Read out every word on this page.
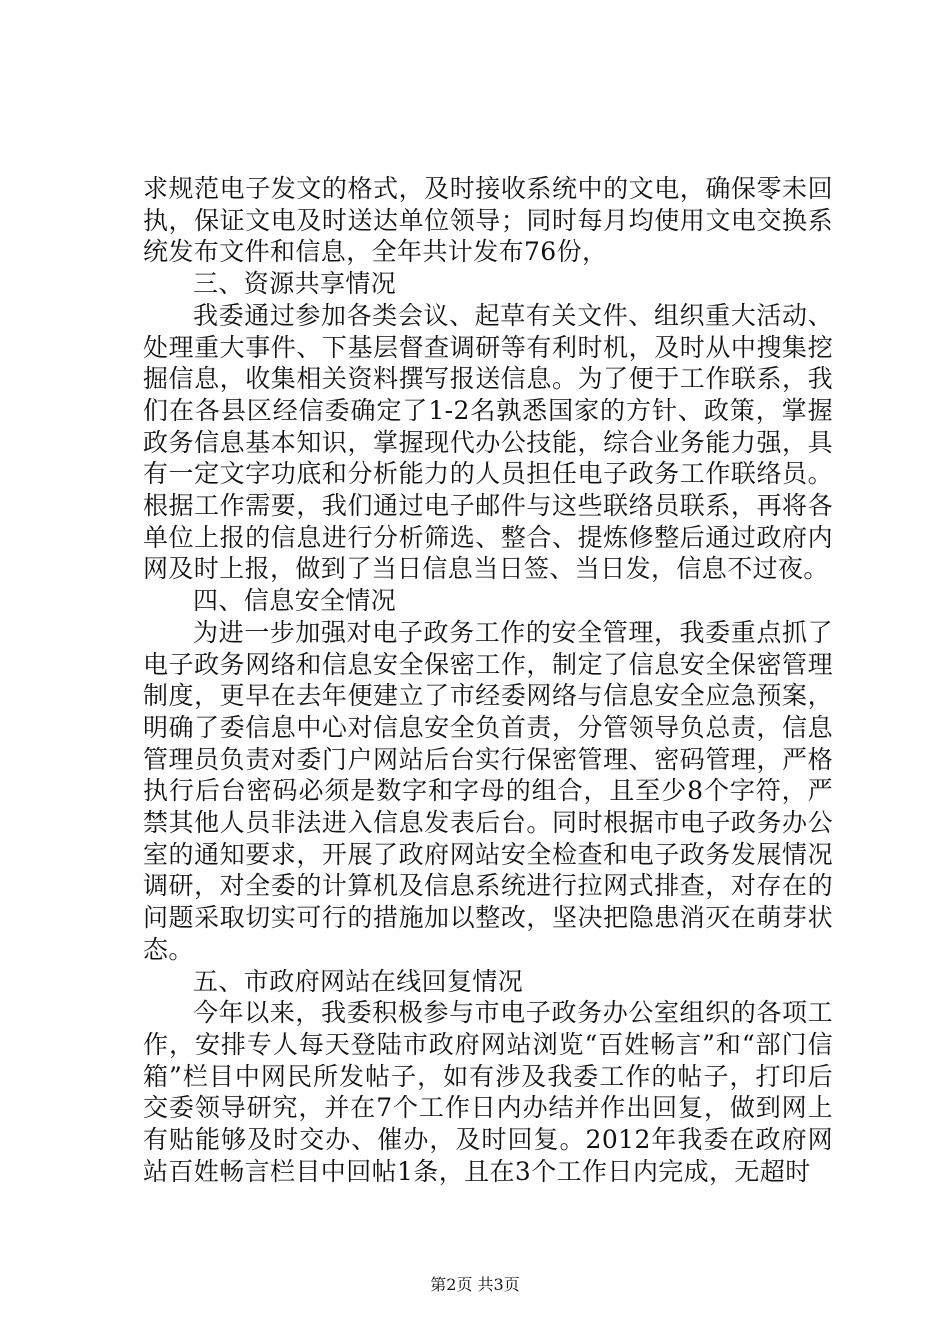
求规范电子发文的格式，及时接收系统中的文电，确保零未回执，保证文电及时送达单位领导；同时每月均使用文电交换系统发布文件和信息，全年共计发布76份，

三、资源共享情况

我委通过参加各类会议、起草有关文件、组织重大活动、处理重大事件、下基层督查调研等有利时机，及时从中搜集挖掘信息，收集相关资料撰写报送信息。为了便于工作联系，我们在各县区经信委确定了1-2名孰悉国家的方针、政策，掌握政务信息基本知识，掌握现代办公技能，综合业务能力强，具有一定文字功底和分析能力的人员担任电子政务工作联络员。根据工作需要，我们通过电子邮件与这些联络员联系，再将各单位上报的信息进行分析筛选、整合、提炼修整后通过政府内网及时上报，做到了当日信息当日签、当日发，信息不过夜。

四、信息安全情况

为进一步加强对电子政务工作的安全管理，我委重点抓了电子政务网络和信息安全保密工作，制定了信息安全保密管理制度，更早在去年便建立了市经委网络与信息安全应急预案，明确了委信息中心对信息安全负首责，分管领导负总责，信息管理员负责对委门户网站后台实行保密管理、密码管理，严格执行后台密码必须是数字和字母的组合，且至少8个字符，严禁其他人员非法进入信息发表后台。同时根据市电子政务办公室的通知要求，开展了政府网站安全检查和电子政务发展情况调研，对全委的计算机及信息系统进行拉网式排查，对存在的问题采取切实可行的措施加以整改，坚决把隐患消灭在萌芽状态。

五、市政府网站在线回复情况

今年以来，我委积极参与市电子政务办公室组织的各项工作，安排专人每天登陆市政府网站浏览“百姓畅言”和“部门信箱”栏目中网民所发帖子，如有涉及我委工作的帖子，打印后交委领导研究，并在7个工作日内办结并作出回复，做到网上有贴能够及时交办、催办，及时回复。2012年我委在政府网站百姓畅言栏目中回帖1条，且在3个工作日内完成，无超时

第2页 共3页
